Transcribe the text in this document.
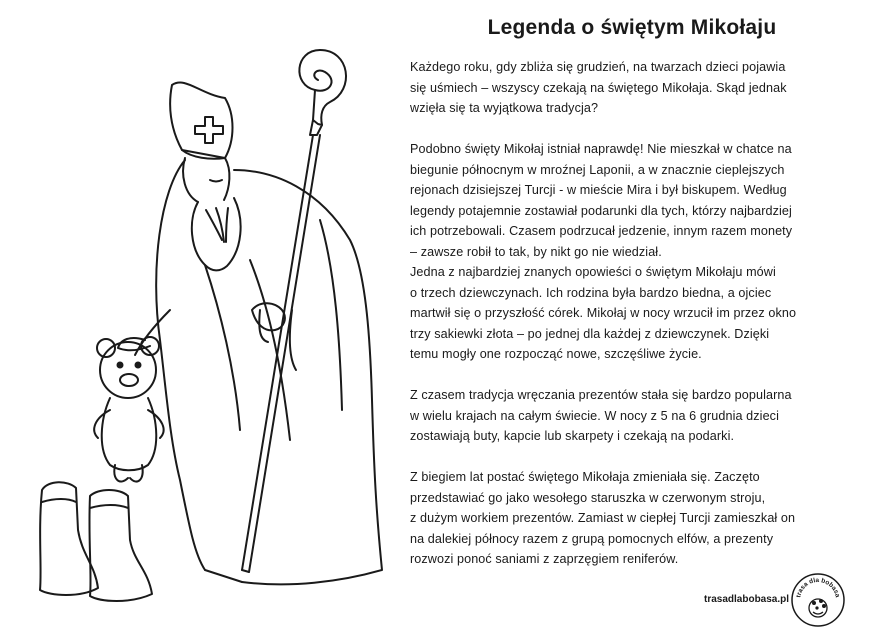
Legenda o świętym Mikołaju

Każdego roku, gdy zbliża się grudzień, na twarzach dzieci pojawia
się uśmiech – wszyscy czekają na świętego Mikołaja. Skąd jednak
wzięła się ta wyjątkowa tradycja?

Podobno święty Mikołaj istniał naprawdę! Nie mieszkał w chatce na
biegunie północnym w mroźnej Laponii, a w znacznie cieplejszych
rejonach dzisiejszej Turcji - w mieście Mira i był biskupem. Według
legendy potajemnie zostawiał podarunki dla tych, którzy najbardziej
ich potrzebowali. Czasem podrzucał jedzenie, innym razem monety
– zawsze robił to tak, by nikt go nie wiedział.
Jedna z najbardziej znanych opowieści o świętym Mikołaju mówi
o trzech dziewczynach. Ich rodzina była bardzo biedna, a ojciec
martwił się o przyszłość córek. Mikołaj w nocy wrzucił im przez okno
trzy sakiewki złota – po jednej dla każdej z dziewczynek. Dzięki
temu mogły one rozpocząć nowe, szczęśliwe życie.

Z czasem tradycja wręczania prezentów stała się bardzo popularna
w wielu krajach na całym świecie. W nocy z 5 na 6 grudnia dzieci
zostawiają buty, kapcie lub skarpety i czekają na podarki.

Z biegiem lat postać świętego Mikołaja zmieniała się. Zaczęto
przedstawiać go jako wesołego staruszka w czerwonym stroju,
z dużym workiem prezentów. Zamiast w ciepłej Turcji zamieszkał on
na dalekiej północy razem z grupą pomocnych elfów, a prezenty
rozwozi ponoć saniami z zaprzęgiem reniferów.

trasadlabobasa.pl trasa dla bobasa
